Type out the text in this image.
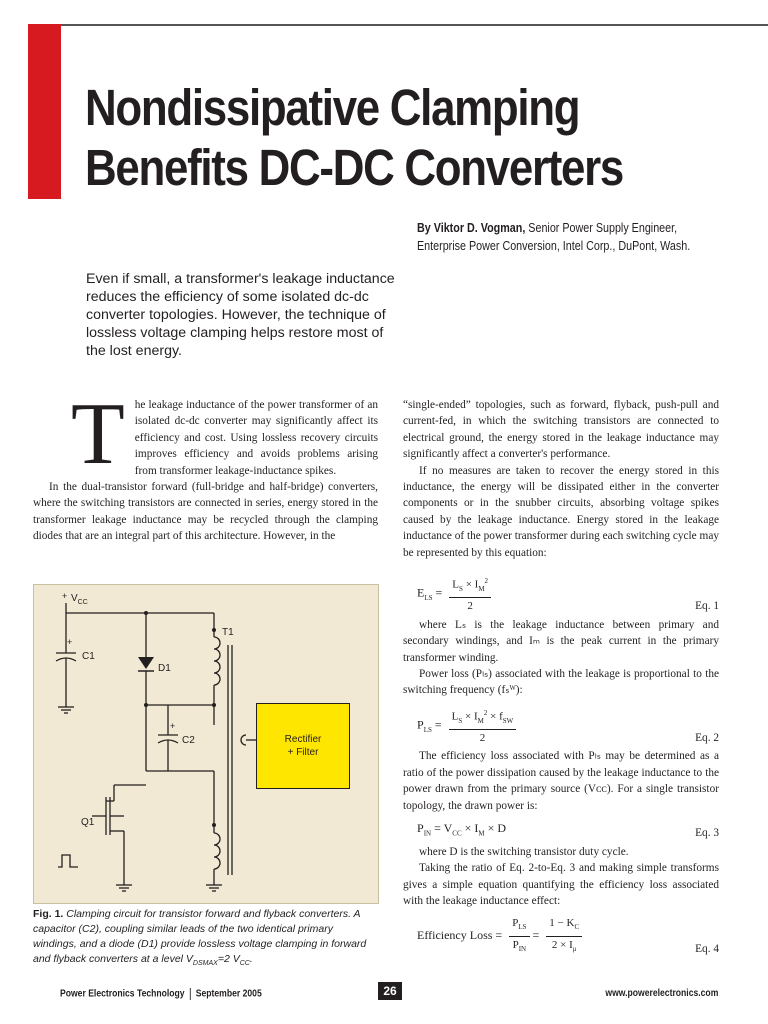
Nondissipative Clamping
Benefits DC-DC Converters
By Viktor D. Vogman, Senior Power Supply Engineer,
Enterprise Power Conversion, Intel Corp., DuPont, Wash.
Even if small, a transformer's leakage inductance reduces the efficiency of some isolated dc-dc converter topologies. However, the technique of lossless voltage clamping helps restore most of the lost energy.

The leakage inductance of the power transformer of an isolated dc-dc converter may significantly affect its efficiency and cost. Using lossless recovery circuits improves efficiency and avoids problems arising from transformer leakage-inductance spikes.

In the dual-transistor forward (full-bridge and half-bridge) converters, where the switching transistors are connected in series, energy stored in the transformer leakage inductance may be recycled through the clamping diodes that are an integral part of this architecture. However, in the

“single-ended” topologies, such as forward, flyback, push-pull and current-fed, in which the switching transistors are connected to electrical ground, the energy stored in the leakage inductance may significantly affect a converter's performance.

If no measures are taken to recover the energy stored in this inductance, the energy will be dissipated either in the converter components or in the snubber circuits, absorbing voltage spikes caused by the leakage inductance. Energy stored in the leakage inductance of the power transformer during each switching cycle may be represented by this equation:

$E_{LS} = \frac{L_S \times I_M^2}{2}$	Eq. 1

where Lₛ is the leakage inductance between primary and secondary windings, and Iₘ is the peak current in the primary transformer winding.

Power loss (Pₗₛ) associated with the leakage is proportional to the switching frequency (fₛᵂ):

$P_{LS} = \frac{L_S \times I_M^2 \times f_{SW}}{2}$	Eq. 2

The efficiency loss associated with Pₗₛ may be determined as a ratio of the power dissipation caused by the leakage inductance to the power drawn from the primary source (Vᴄᴄ). For a single transistor topology, the drawn power is:

$P_{IN} = V_{CC} \times I_M \times D$	Eq. 3

where D is the switching transistor duty cycle.

Taking the ratio of Eq. 2-to-Eq. 3 and making simple transforms gives a simple equation quantifying the efficiency loss associated with the leakage inductance effect:

Efficiency Loss = $\frac{P_{LS}}{P_{IN}} = \frac{1 - K_C}{2 \times I_\mu}$	Eq. 4
+ $V_{CC}$
+
C1
D1
T1
+
C2
Q1
Rectifier
+ Filter
Fig. 1. Clamping circuit for transistor forward and flyback converters. A capacitor (C2), coupling similar leads of the two identical primary windings, and a diode (D1) provide lossless voltage clamping in forward and flyback converters at a level $V_{DSMAX}=2$ $V_{CC}$.
Power Electronics Technology September 2005	26	www.powerelectronics.com
